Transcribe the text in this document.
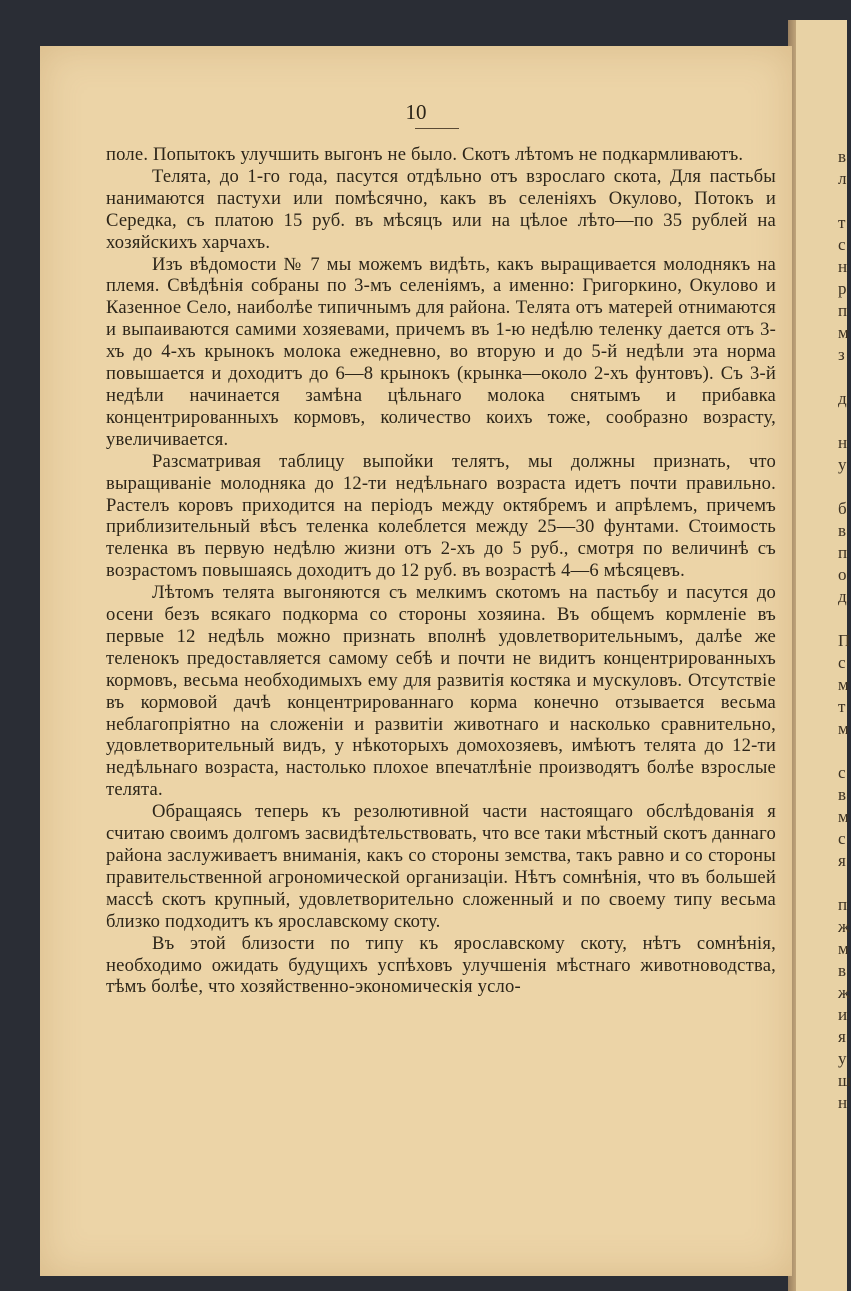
в
л
т
с
н
р
п
м
з
д
н
у
б
в
п
о
д
П
с
м
т
м
с
в
м
с
я
п
ж
м
в
ж
и
я
у
ш
н
10

поле. Попытокъ улучшить выгонъ не было. Скотъ лѣтомъ не подкармливаютъ.

Телята, до 1-го года, пасутся отдѣльно отъ взрослаго скота, Для пастьбы нанимаются пастухи или помѣсячно, какъ въ селеніяхъ Окулово, Потокъ и Середка, съ платою 15 руб. въ мѣсяцъ или на цѣлое лѣто—по 35 рублей на хозяйскихъ харчахъ.

Изъ вѣдомости № 7 мы можемъ видѣть, какъ выращивается молоднякъ на племя. Свѣдѣнія собраны по 3-мъ селеніямъ, а именно: Григоркино, Окулово и Казенное Село, наиболѣе типичнымъ для района. Телята отъ матерей отнимаются и выпаиваются самими хозяевами, причемъ въ 1-ю недѣлю теленку дается отъ 3-хъ до 4-хъ крынокъ молока ежедневно, во вторую и до 5-й недѣли эта норма повышается и доходитъ до 6—8 крынокъ (крынка—около 2-хъ фунтовъ). Съ 3-й недѣли начинается замѣна цѣльнаго молока снятымъ и прибавка концентрированныхъ кормовъ, количество коихъ тоже, сообразно возрасту, увеличивается.

Разсматривая таблицу выпойки телятъ, мы должны признать, что выращиваніе молодняка до 12-ти недѣльнаго возраста идетъ почти правильно. Растелъ коровъ приходится на періодъ между октябремъ и апрѣлемъ, причемъ приблизительный вѣсъ теленка колеблется между 25—30 фунтами. Стоимость теленка въ первую недѣлю жизни отъ 2-хъ до 5 руб., смотря по величинѣ съ возрастомъ повышаясь доходитъ до 12 руб. въ возрастѣ 4—6 мѣсяцевъ.

Лѣтомъ телята выгоняются съ мелкимъ скотомъ на пастьбу и пасутся до осени безъ всякаго подкорма со стороны хозяина. Въ общемъ кормленіе въ первые 12 недѣль можно признать вполнѣ удовлетворительнымъ, далѣе же теленокъ предоставляется самому себѣ и почти не видитъ концентрированныхъ кормовъ, весьма необходимыхъ ему для развитія костяка и мускуловъ. Отсутствіе въ кормовой дачѣ концентрированнаго корма конечно отзывается весьма неблагопріятно на сложеніи и развитіи животнаго и насколько сравнительно, удовлетворительный видъ, у нѣкоторыхъ домохозяевъ, имѣютъ телята до 12-ти недѣльнаго возраста, настолько плохое впечатлѣніе производятъ болѣе взрослые телята.

Обращаясь теперь къ резолютивной части настоящаго обслѣдованія я считаю своимъ долгомъ засвидѣтельствовать, что все таки мѣстный скотъ даннаго района заслуживаетъ вниманія, какъ со стороны земства, такъ равно и со стороны правительственной агрономической организаціи. Нѣтъ сомнѣнія, что въ большей массѣ скотъ крупный, удовлетворительно сложенный и по своему типу весьма близко подходитъ къ ярославскому скоту.

Въ этой близости по типу къ ярославскому скоту, нѣтъ сомнѣнія, необходимо ожидать будущихъ успѣховъ улучшенія мѣстнаго животноводства, тѣмъ болѣе, что хозяйственно-экономическія усло-
